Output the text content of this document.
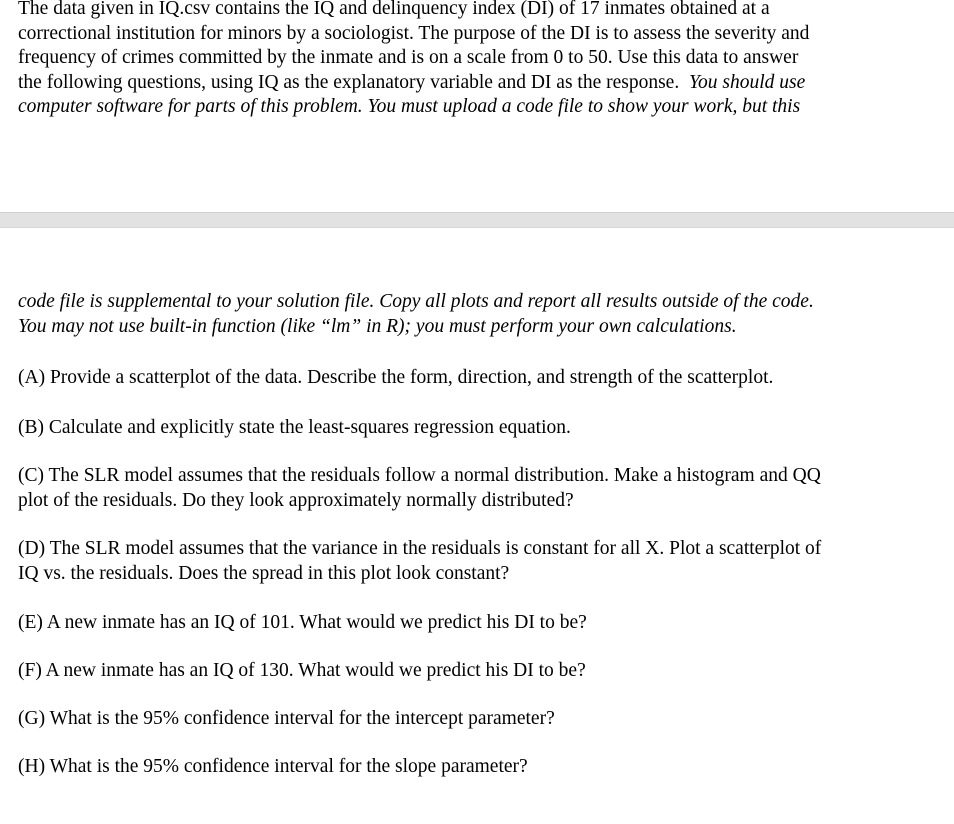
The data given in IQ.csv contains the IQ and delinquency index (DI) of 17 inmates obtained at a
correctional institution for minors by a sociologist. The purpose of the DI is to assess the severity and
frequency of crimes committed by the inmate and is on a scale from 0 to 50. Use this data to answer
the following questions, using IQ as the explanatory variable and DI as the response.  You should use
computer software for parts of this problem. You must upload a code file to show your work, but this

code file is supplemental to your solution file. Copy all plots and report all results outside of the code.
You may not use built-in function (like “lm” in R); you must perform your own calculations.

(A) Provide a scatterplot of the data. Describe the form, direction, and strength of the scatterplot.

(B) Calculate and explicitly state the least-squares regression equation.

(C) The SLR model assumes that the residuals follow a normal distribution. Make a histogram and QQ
plot of the residuals. Do they look approximately normally distributed?

(D) The SLR model assumes that the variance in the residuals is constant for all X. Plot a scatterplot of
IQ vs. the residuals. Does the spread in this plot look constant?

(E) A new inmate has an IQ of 101. What would we predict his DI to be?

(F) A new inmate has an IQ of 130. What would we predict his DI to be?

(G) What is the 95% confidence interval for the intercept parameter?

(H) What is the 95% confidence interval for the slope parameter?
